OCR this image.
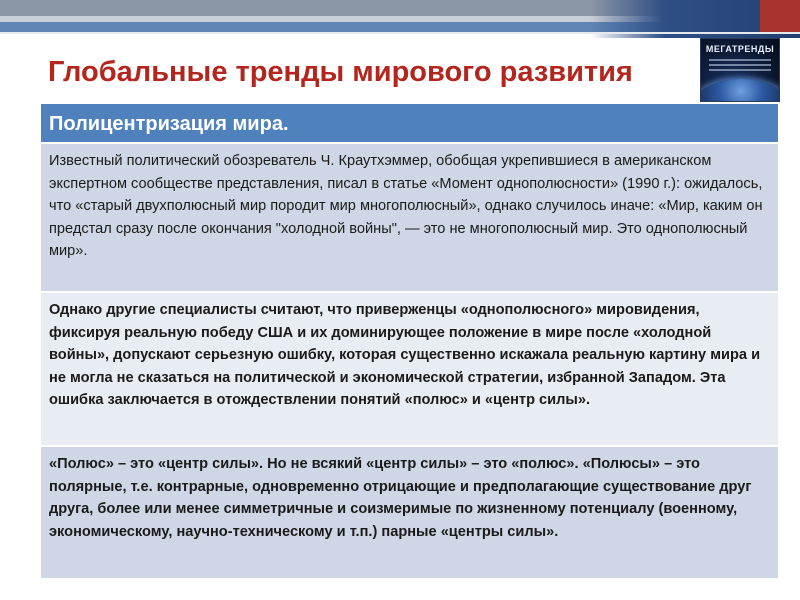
Глобальные тренды мирового развития
МЕГАТРЕНДЫ
Полицентризация мира.
Известный политический обозреватель Ч. Краутхэммер, обобщая укрепившиеся в американском экспертном сообществе представления, писал в статье «Момент однополюсности» (1990 г.): ожидалось, что «старый двухполюсный мир породит мир многополюсный», однако случилось иначе: «Мир, каким он предстал сразу после окончания "холодной войны", — это не многополюсный мир. Это однополюсный мир».
Однако другие специалисты считают, что приверженцы «однополюсного» мировидения, фиксируя реальную победу США и их доминирующее положение в мире после «холодной войны», допускают серьезную ошибку, которая существенно искажала реальную картину мира и не могла не сказаться на политической и экономической стратегии, избранной Западом. Эта ошибка заключается в отождествлении понятий «полюс» и «центр силы».
«Полюс» – это «центр силы». Но не всякий «центр силы» – это «полюс». «Полюсы» – это полярные, т.е. контрарные, одновременно отрицающие и предполагающие существование друг друга, более или менее симметричные и соизмеримые по жизненному потенциалу (военному, экономическому, научно-техническому и т.п.) парные «центры силы».
